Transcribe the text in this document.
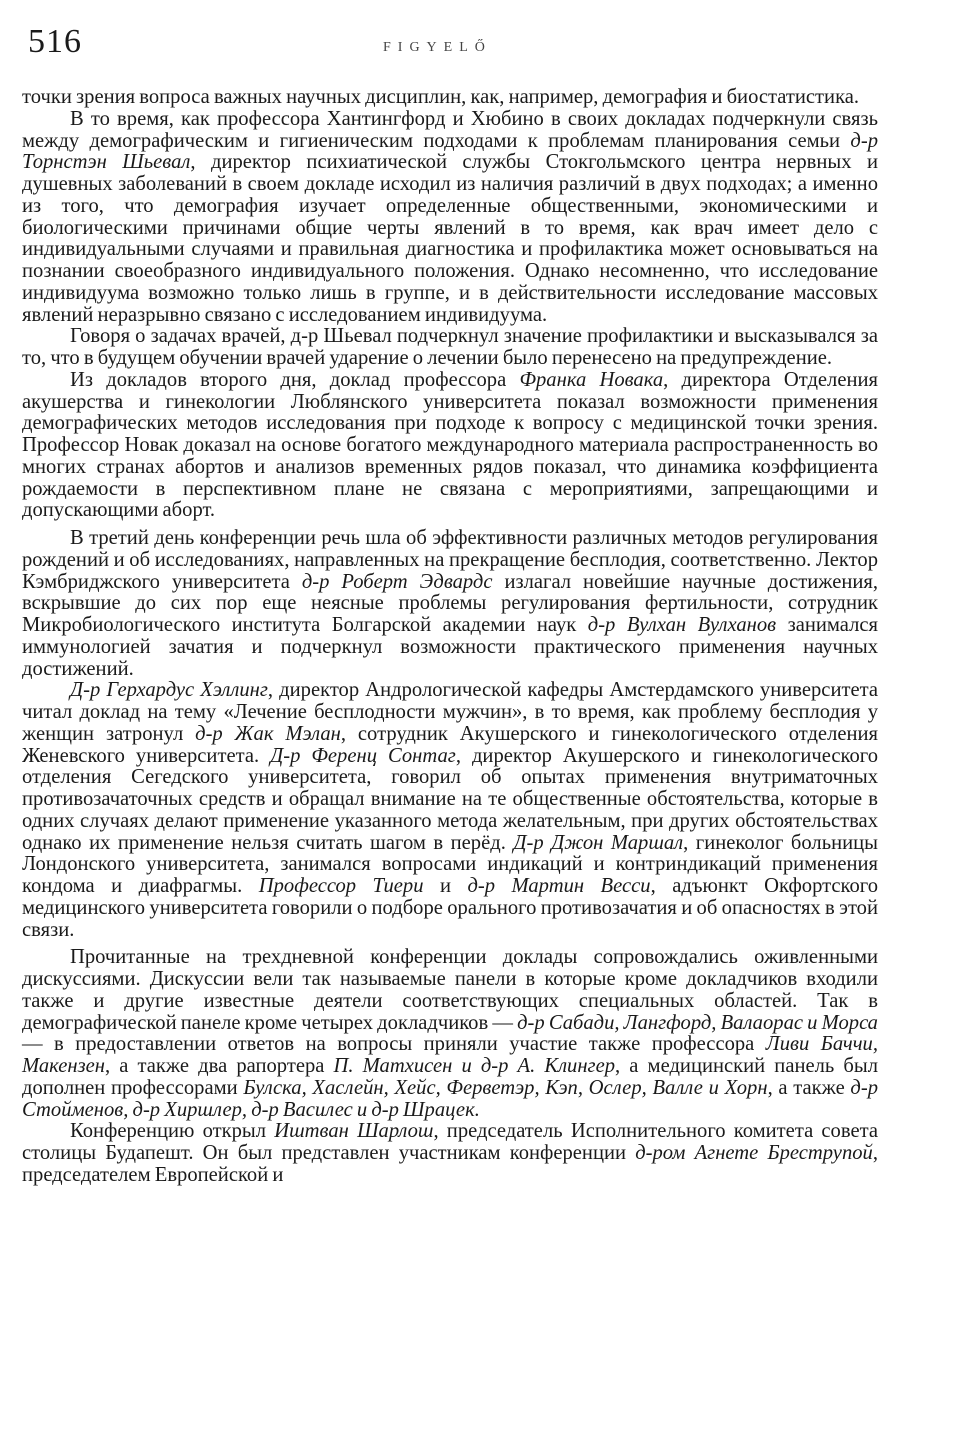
516	FIGYELŐ

точки зрения вопроса важных научных дисциплин, как, например, демография и биостатистика.

В то время, как профессора Хантингфорд и Хюбино в своих докладах подчеркнули связь между демографическим и гигиеническим подходами к проблемам планирования семьи д-р Торнстэн Шьевал, директор психиатической службы Стокгольмского центра нервных и душевных заболеваний в своем докладе исходил из наличия различий в двух подходах; а именно из того, что демография изучает определенные общественными, экономическими и биологическими причинами общие черты явлений в то время, как врач имеет дело с индивидуальными случаями и правильная диагностика и профилактика может основываться на познании своеобразного индивидуального положения. Однако несомненно, что исследование индивидуума возможно только лишь в группе, и в действительности исследование массовых явлений неразрывно связано с исследованием индивидуума.

Говоря о задачах врачей, д-р Шьевал подчеркнул значение профилактики и высказывался за то, что в будущем обучении врачей ударение о лечении было перенесено на предупреждение.

Из докладов второго дня, доклад профессора Франка Новака, директора Отделения акушерства и гинекологии Люблянского университета показал возможности применения демографических методов исследования при подходе к вопросу с медицинской точки зрения. Профессор Новак доказал на основе богатого международного материала распространенность во многих странах абортов и анализов временных рядов показал, что динамика коэффициента рождаемости в перспективном плане не связана с мероприятиями, запрещающими и допускающими аборт.

В третий день конференции речь шла об эффективности различных методов регулирования рождений и об исследованиях, направленных на прекращение бесплодия, соответственно. Лектор Кэмбриджского университета д-р Роберт Эдвардс излагал новейшие научные достижения, вскрывшие до сих пор еще неясные проблемы регулирования фертильности, сотрудник Микробиологического института Болгарской академии наук д-р Вулхан Вулханов занимался иммунологией зачатия и подчеркнул возможности практического применения научных достижений.

Д-р Герхардус Хэллинг, директор Андрологической кафедры Амстердамского университета читал доклад на тему «Лечение бесплодности мужчин», в то время, как проблему бесплодия у женщин затронул д-р Жак Мэлан, сотрудник Акушерского и гинекологического отделения Женевского университета. Д-р Ференц Сонтаг, директор Акушерского и гинекологического отделения Сегедского университета, говорил об опытах применения внутриматочных противозачаточных средств и обращал внимание на те общественные обстоятельства, которые в одних случаях делают применение указанного метода желательным, при других обстоятельствах однако их применение нельзя считать шагом в перёд. Д-р Джон Маршал, гинеколог больницы Лондонского университета, занимался вопросами индикаций и контриндикаций применения кондома и диафрагмы. Профессор Тиери и д-р Мартин Весси, адъюнкт Окфортского медицинского университета говорили о подборе орального противозачатия и об опасностях в этой связи.

Прочитанные на трехдневной конференции доклады сопровождались оживленными дискуссиями. Дискуссии вели так называемые панели в которые кроме докладчиков входили также и другие известные деятели соответствующих специальных областей. Так в демографической панеле кроме четырех докладчиков — д-р Сабади, Лангфорд, Валаорас и Морса — в предоставлении ответов на вопросы приняли участие также профессора Ливи Баччи, Макензен, а также два рапортера П. Матхисен и д-р А. Клингер, а медицинский панель был дополнен профессорами Булска, Хаслейн, Хейс, Ферветэр, Кэп, Ослер, Валле и Хорн, а также д-р Стойменов, д-р Хиршлер, д-р Василес и д-р Шрацек.

Конференцию открыл Иштван Шарлош, председатель Исполнительного комитета совета столицы Будапешт. Он был представлен участникам конференции д-ром Агнете Бреструпой, председателем Европейской и
